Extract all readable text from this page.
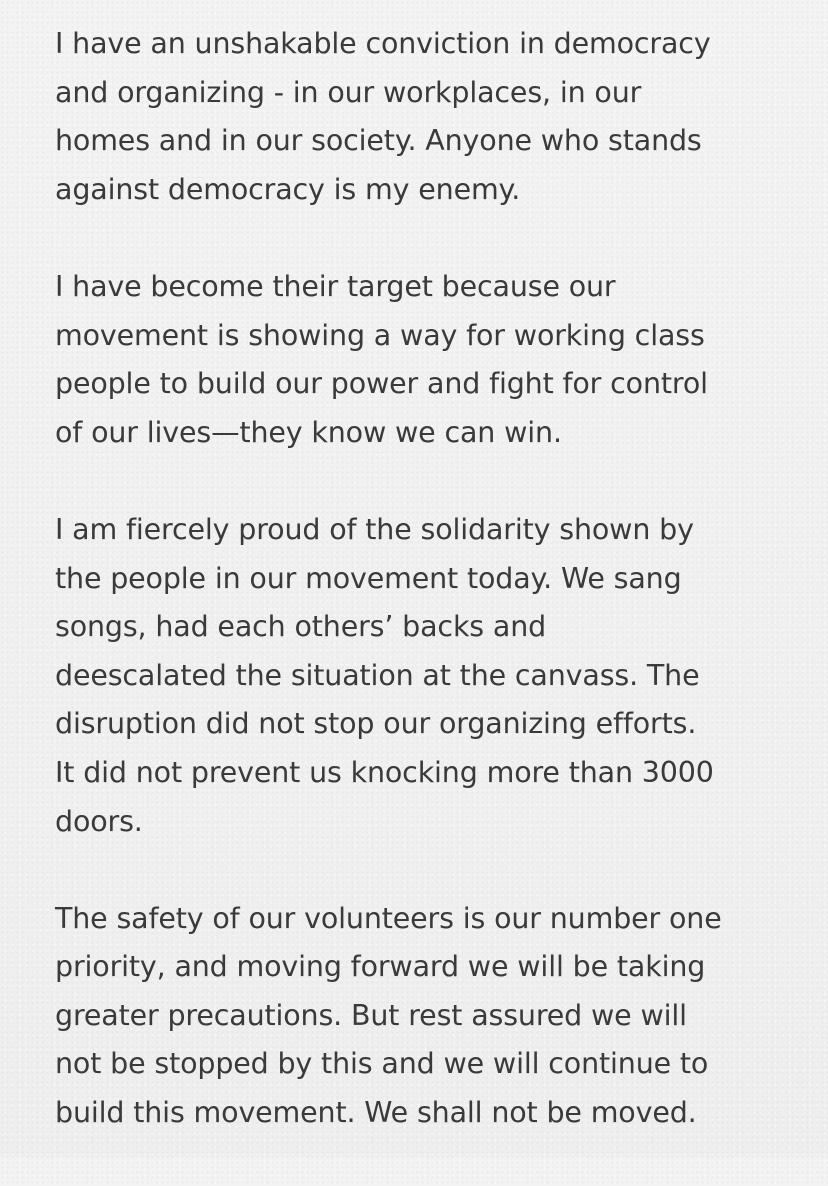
I have an unshakable conviction in democracy
and organizing - in our workplaces, in our
homes and in our society. Anyone who stands
against democracy is my enemy.

I have become their target because our
movement is showing a way for working class
people to build our power and fight for control
of our lives—they know we can win.

I am fiercely proud of the solidarity shown by
the people in our movement today. We sang
songs, had each others’ backs and
deescalated the situation at the canvass. The
disruption did not stop our organizing efforts.
It did not prevent us knocking more than 3000
doors.

The safety of our volunteers is our number one
priority, and moving forward we will be taking
greater precautions. But rest assured we will
not be stopped by this and we will continue to
build this movement. We shall not be moved.
